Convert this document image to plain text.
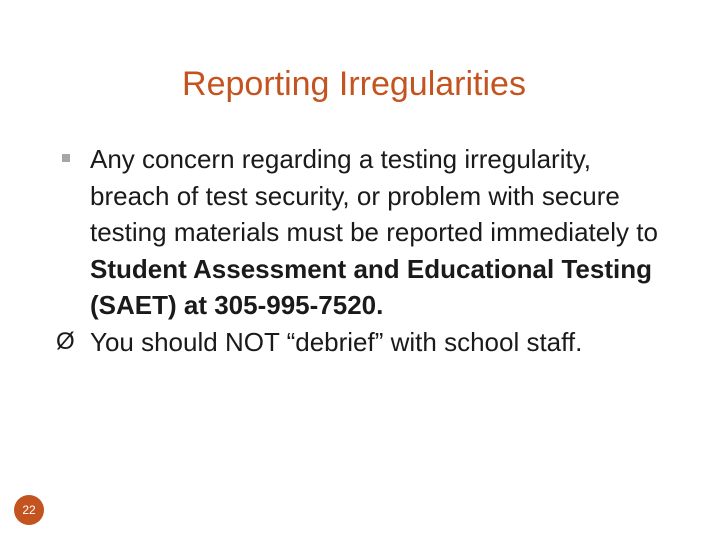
Reporting Irregularities
Any concern regarding a testing irregularity, breach of test security, or problem with secure testing materials must be reported immediately to Student Assessment and Educational Testing (SAET) at 305-995-7520.
Ø You should NOT “debrief” with school staff.
22
